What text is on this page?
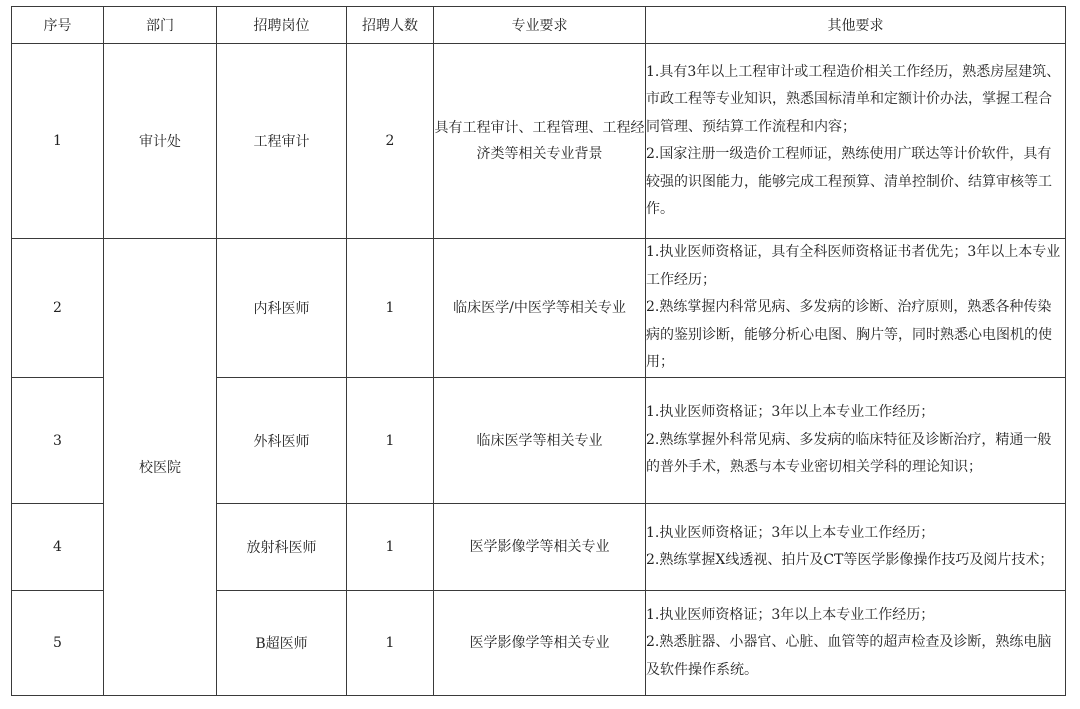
序号	部门	招聘岗位	招聘人数	专业要求	其他要求
1	审计处	工程审计	2	具有工程审计、工程管理、工程经济类等相关专业背景	1.具有3年以上工程审计或工程造价相关工作经历，熟悉房屋建筑、市政工程等专业知识，熟悉国标清单和定额计价办法，掌握工程合同管理、预结算工作流程和内容；
2.国家注册一级造价工程师证，熟练使用广联达等计价软件，具有较强的识图能力，能够完成工程预算、清单控制价、结算审核等工作。

2	校医院	内科医师	1	临床医学/中医学等相关专业	1.执业医师资格证，具有全科医师资格证书者优先；3年以上本专业工作经历；
2.熟练掌握内科常见病、多发病的诊断、治疗原则，熟悉各种传染病的鉴别诊断，能够分析心电图、胸片等，同时熟悉心电图机的使用；

3		外科医师	1	临床医学等相关专业	1.执业医师资格证；3年以上本专业工作经历；
2.熟练掌握外科常见病、多发病的临床特征及诊断治疗，精通一般的普外手术，熟悉与本专业密切相关学科的理论知识；

4		放射科医师	1	医学影像学等相关专业	1.执业医师资格证；3年以上本专业工作经历；
2.熟练掌握X线透视、拍片及CT等医学影像操作技巧及阅片技术；

5		B超医师	1	医学影像学等相关专业	1.执业医师资格证；3年以上本专业工作经历；
2.熟悉脏器、小器官、心脏、血管等的超声检查及诊断，熟练电脑及软件操作系统。
